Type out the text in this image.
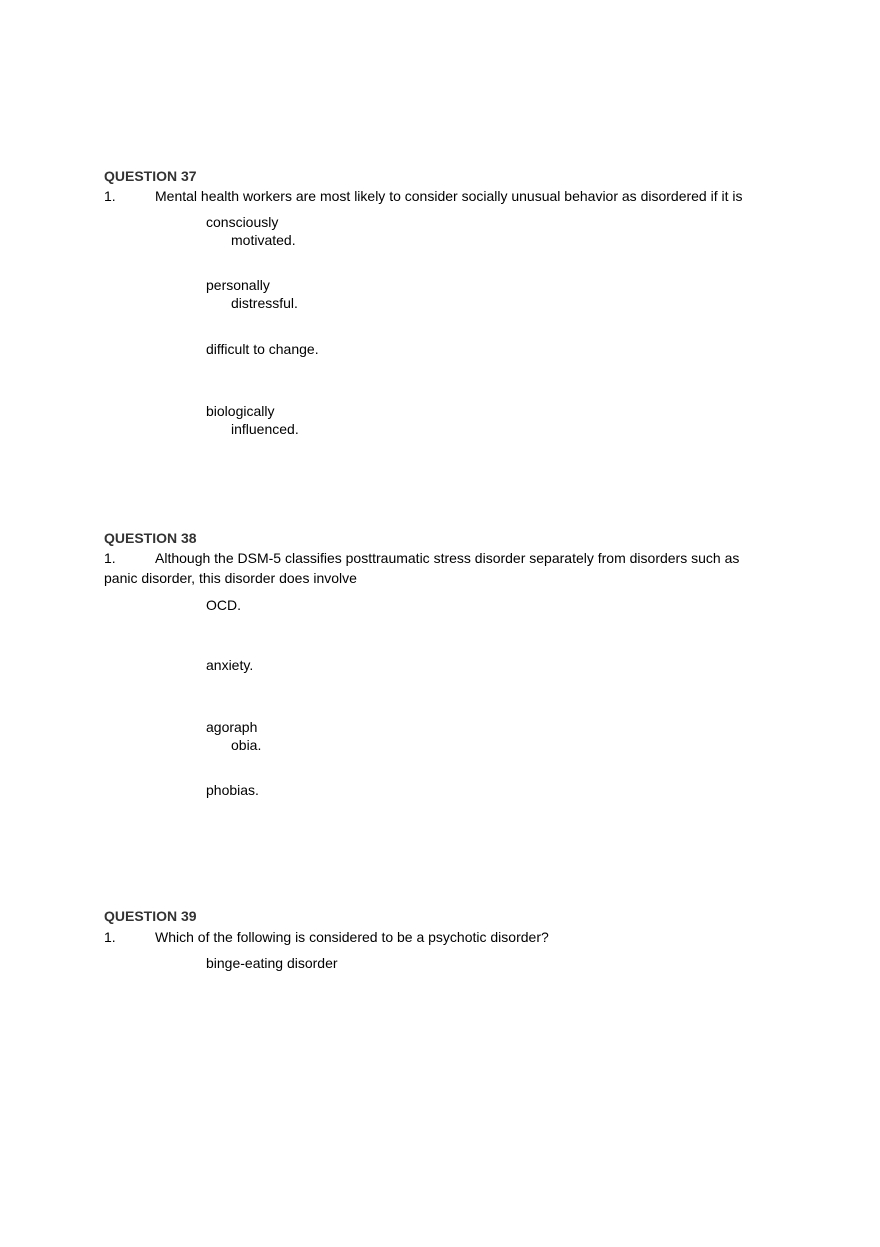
QUESTION 37
1.	Mental health workers are most likely to consider socially unusual behavior as disordered if it is
consciously
motivated.
personally
distressful.
difficult to change.
biologically
influenced.
QUESTION 38
1.	Although the DSM-5 classifies posttraumatic stress disorder separately from disorders such as
panic disorder, this disorder does involve
OCD.
anxiety.
agoraph
obia.
phobias.
QUESTION 39
1.	Which of the following is considered to be a psychotic disorder?
binge-eating disorder
